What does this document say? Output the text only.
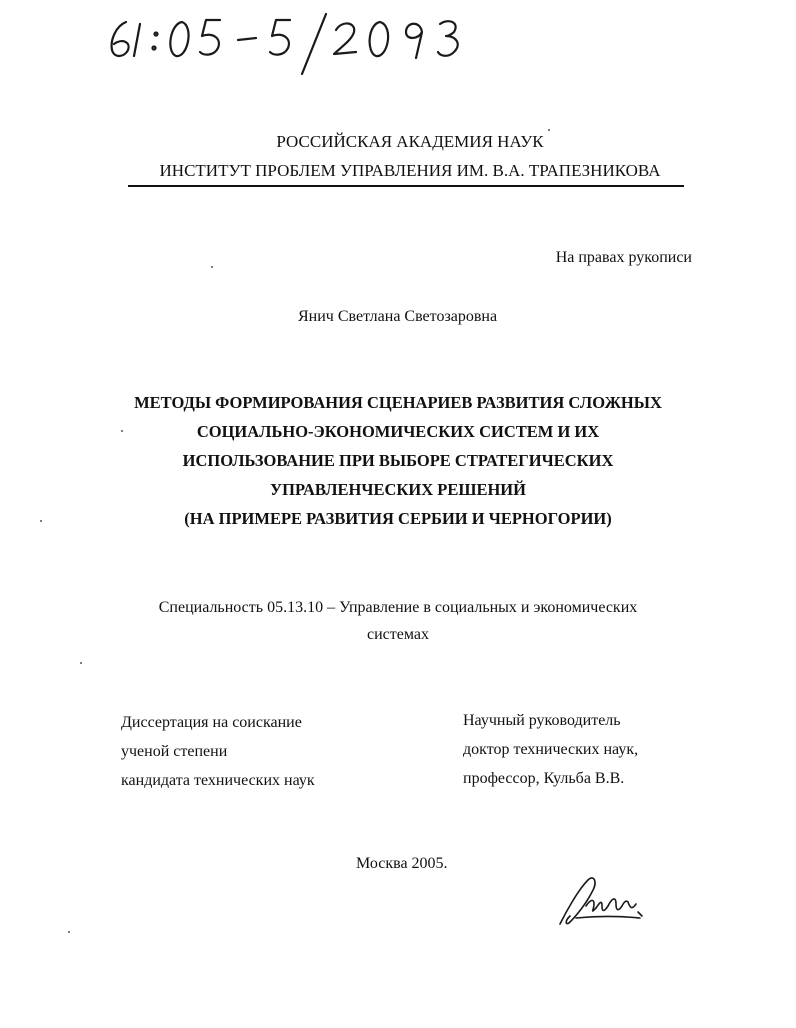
РОССИЙСКАЯ АКАДЕМИЯ НАУК
ИНСТИТУТ ПРОБЛЕМ УПРАВЛЕНИЯ ИМ. В.А. ТРАПЕЗНИКОВА
На правах рукописи
Янич Светлана Светозаровна
МЕТОДЫ ФОРМИРОВАНИЯ СЦЕНАРИЕВ РАЗВИТИЯ СЛОЖНЫХ
СОЦИАЛЬНО-ЭКОНОМИЧЕСКИХ СИСТЕМ И ИХ
ИСПОЛЬЗОВАНИЕ ПРИ ВЫБОРЕ СТРАТЕГИЧЕСКИХ
УПРАВЛЕНЧЕСКИХ РЕШЕНИЙ
(НА ПРИМЕРЕ РАЗВИТИЯ СЕРБИИ И ЧЕРНОГОРИИ)
Специальность 05.13.10 – Управление в социальных и экономических
системах
Диссертация на соискание
ученой степени
кандидата технических наук
Научный руководитель
доктор технических наук,
профессор, Кульба В.В.
Москва 2005.
